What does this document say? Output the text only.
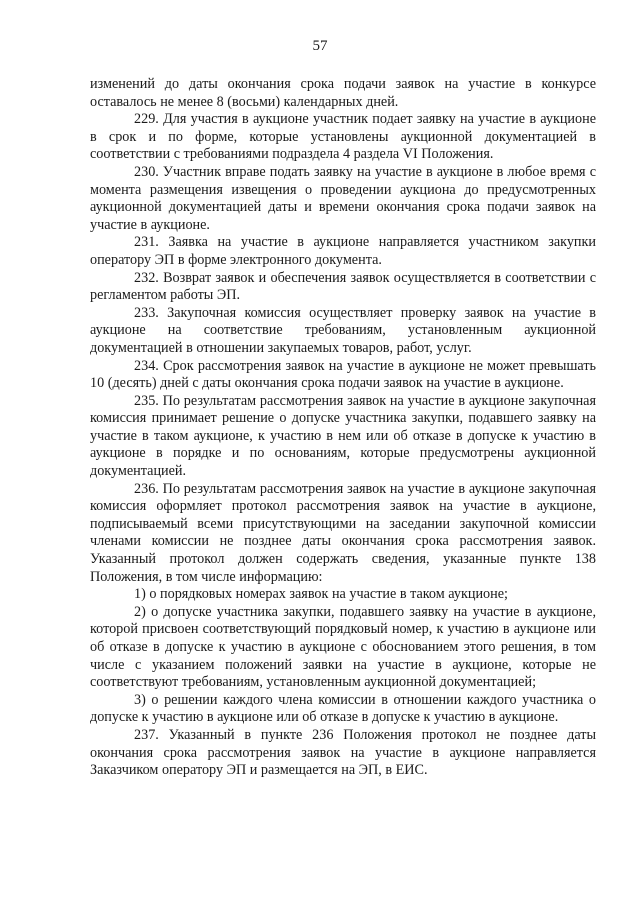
57

изменений до даты окончания срока подачи заявок на участие в конкурсе оставалось не менее 8 (восьми) календарных дней.

229. Для участия в аукционе участник подает заявку на участие в аукционе в срок и по форме, которые установлены аукционной документацией в соответствии с требованиями подраздела 4 раздела VI Положения.

230. Участник вправе подать заявку на участие в аукционе в любое время с момента размещения извещения о проведении аукциона до предусмотренных аукционной документацией даты и времени окончания срока подачи заявок на участие в аукционе.

231. Заявка на участие в аукционе направляется участником закупки оператору ЭП в форме электронного документа.

232. Возврат заявок и обеспечения заявок осуществляется в соответствии с регламентом работы ЭП.

233. Закупочная комиссия осуществляет проверку заявок на участие в аукционе на соответствие требованиям, установленным аукционной документацией в отношении закупаемых товаров, работ, услуг.

234. Срок рассмотрения заявок на участие в аукционе не может превышать 10 (десять) дней с даты окончания срока подачи заявок на участие в аукционе.

235. По результатам рассмотрения заявок на участие в аукционе закупочная комиссия принимает решение о допуске участника закупки, подавшего заявку на участие в таком аукционе, к участию в нем или об отказе в допуске к участию в аукционе в порядке и по основаниям, которые предусмотрены аукционной документацией.

236. По результатам рассмотрения заявок на участие в аукционе закупочная комиссия оформляет протокол рассмотрения заявок на участие в аукционе, подписываемый всеми присутствующими на заседании закупочной комиссии членами комиссии не позднее даты окончания срока рассмотрения заявок. Указанный протокол должен содержать сведения, указанные пункте 138 Положения, в том числе информацию:

1) о порядковых номерах заявок на участие в таком аукционе;

2) о допуске участника закупки, подавшего заявку на участие в аукционе, которой присвоен соответствующий порядковый номер, к участию в аукционе или об отказе в допуске к участию в аукционе с обоснованием этого решения, в том числе с указанием положений заявки на участие в аукционе, которые не соответствуют требованиям, установленным аукционной документацией;

3) о решении каждого члена комиссии в отношении каждого участника о допуске к участию в аукционе или об отказе в допуске к участию в аукционе.

237. Указанный в пункте 236 Положения протокол не позднее даты окончания срока рассмотрения заявок на участие в аукционе направляется Заказчиком оператору ЭП и размещается на ЭП, в ЕИС.
